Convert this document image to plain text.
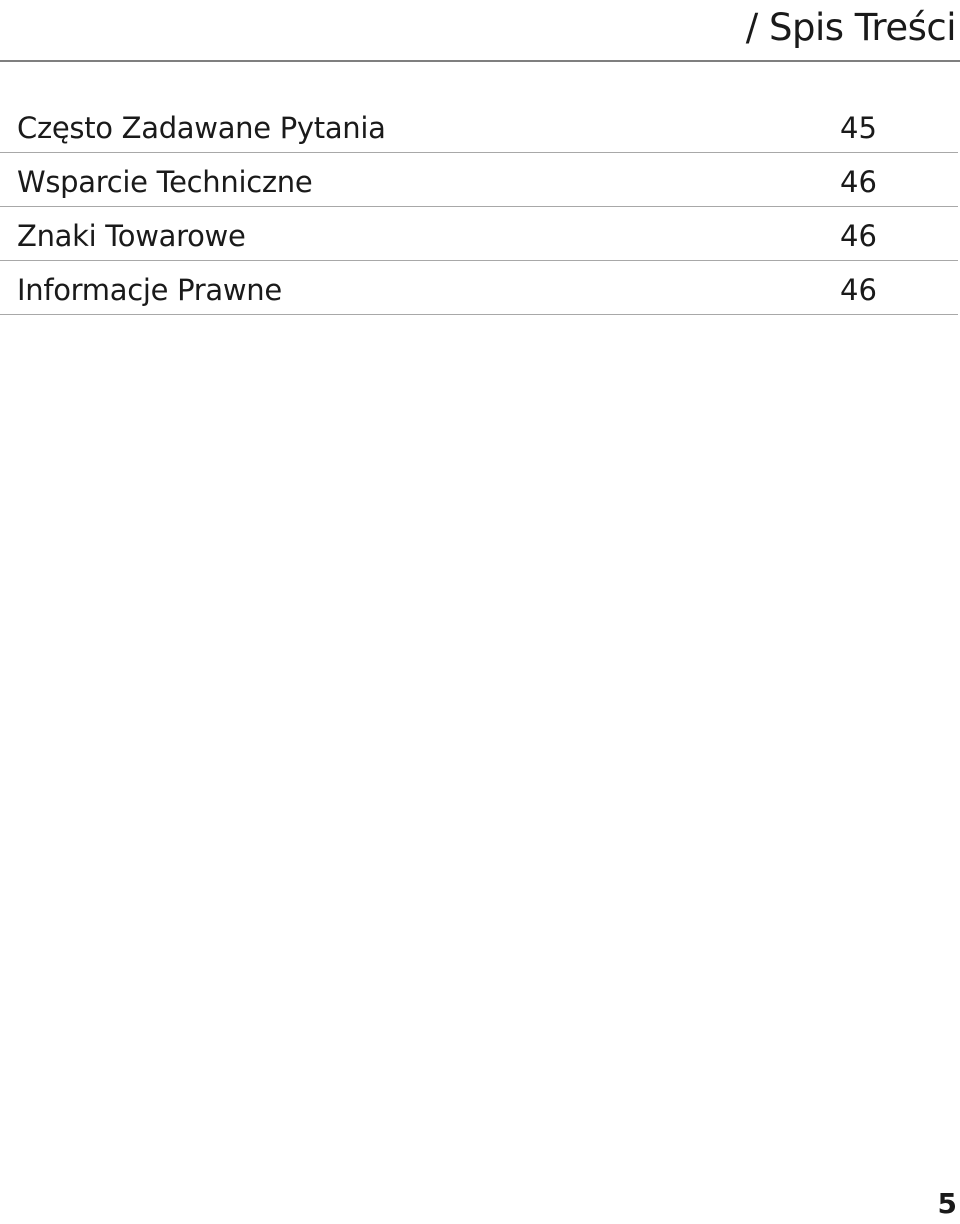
/ Spis Treści
Często Zadawane Pytania	45
Wsparcie Techniczne	46
Znaki Towarowe	46
Informacje Prawne	46
5
